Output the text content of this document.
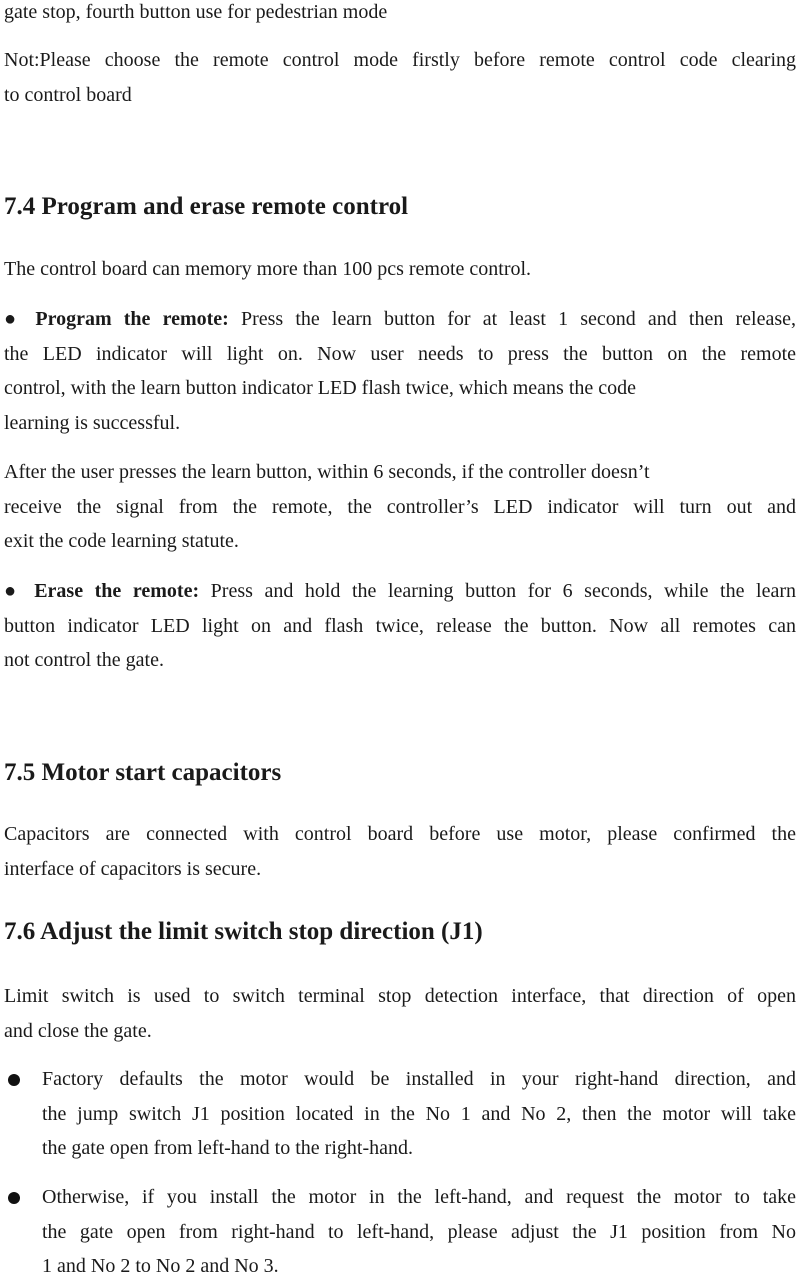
gate stop, fourth button use for pedestrian mode

Not:Please choose the remote control mode firstly before remote control code clearing
to control board

7.4 Program and erase remote control

The control board can memory more than 100 pcs remote control.

● Program the remote: Press the learn button for at least 1 second and then release,
the LED indicator will light on. Now user needs to press the button on the remote
control, with the learn button indicator LED flash twice, which means the code
learning is successful.

After the user presses the learn button, within 6 seconds, if the controller doesn’t
receive the signal from the remote, the controller’s LED indicator will turn out and
exit the code learning statute.

● Erase the remote: Press and hold the learning button for 6 seconds, while the learn
button indicator LED light on and flash twice, release the button. Now all remotes can
not control the gate.

7.5 Motor start capacitors

Capacitors are connected with control board before use motor, please confirmed the
interface of capacitors is secure.

7.6 Adjust the limit switch stop direction (J1)

Limit switch is used to switch terminal stop detection interface, that direction of open
and close the gate.

Factory defaults the motor would be installed in your right-hand direction, and
the jump switch J1 position located in the No 1 and No 2, then the motor will take
the gate open from left-hand to the right-hand.

Otherwise, if you install the motor in the left-hand, and request the motor to take
the gate open from right-hand to left-hand, please adjust the J1 position from No
1 and No 2 to No 2 and No 3.
